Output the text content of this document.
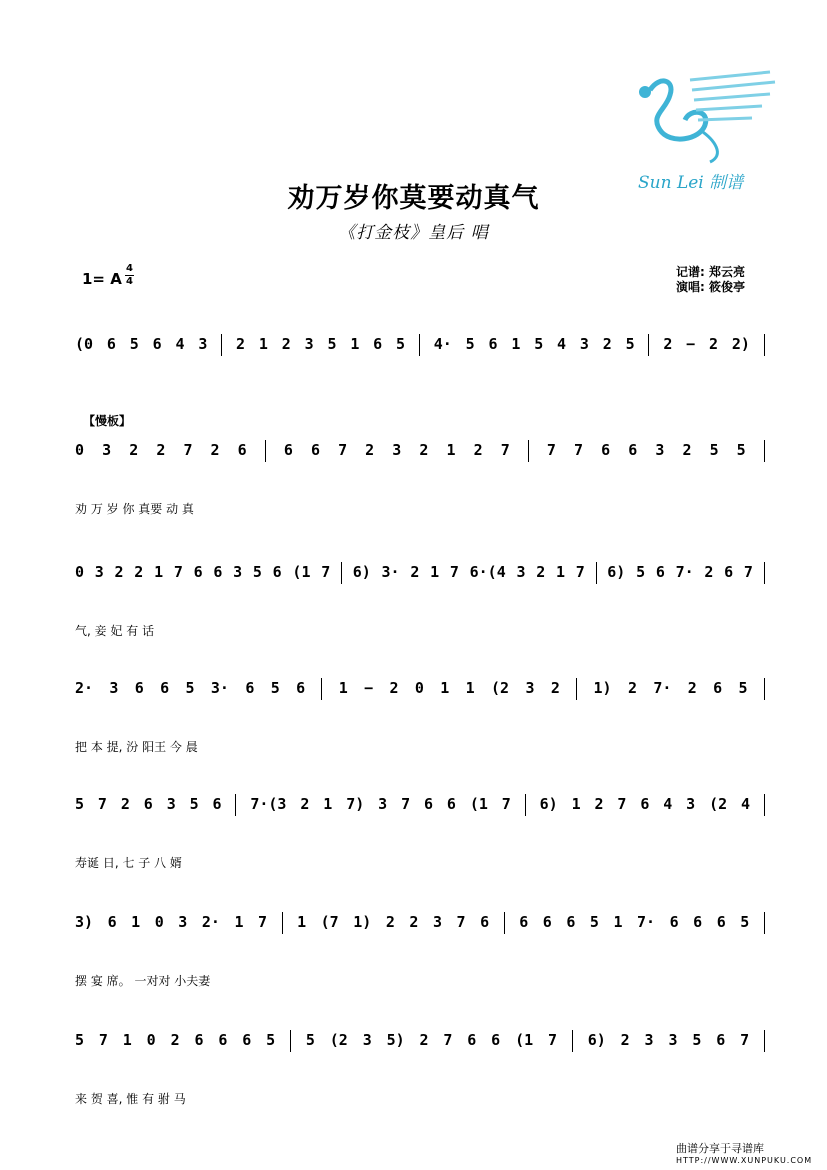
Sun Lei 制谱
劝万岁你莫要动真气
《打金枝》皇后 唱
1= A
4
4
记谱: 郑云亮
演唱: 筱俊亭
【慢板】
(0 6 5 6 4 3 2 1 2 3 5 1 6 5 4· 5 6 1 5 4 3 2 5 2 − 2 2)
0 3 2 2 7 2 6 6 6 7 2 3 2 1 2 7 7 7 6 6 3 2 5 5
劝 万 岁 你 真要 动 真
0 3 2 2 1 7 6 6 3 5 6 (1 7 6) 3· 2 1 7 6·(4 3 2 1 7 6) 5 6 7· 2 6 7
气, 妾 妃 有 话
2· 3 6 6 5 3· 6 5 6 1 − 2 0 1 1 (2 3 2 1) 2 7· 2 6 5
把 本 提, 汾 阳王 今 晨
5 7 2 6 3 5 6 7·(3 2 1 7) 3 7 6 6 (1 7 6) 1 2 7 6 4 3 (2 4
寿诞 日, 七 子 八 婿
3) 6 1 0 3 2· 1 7 1 (7 1) 2 2 3 7 6 6 6 6 5 1 7· 6 6 6 5
摆 宴 席。 一对对 小夫妻
5 7 1 0 2 6 6 6 5 5 (2 3 5) 2 7 6 6 (1 7 6) 2 3 3 5 6 7
来 贺 喜, 惟 有 驸 马
曲谱分享于寻谱库
HTTP://WWW.XUNPUKU.COM
